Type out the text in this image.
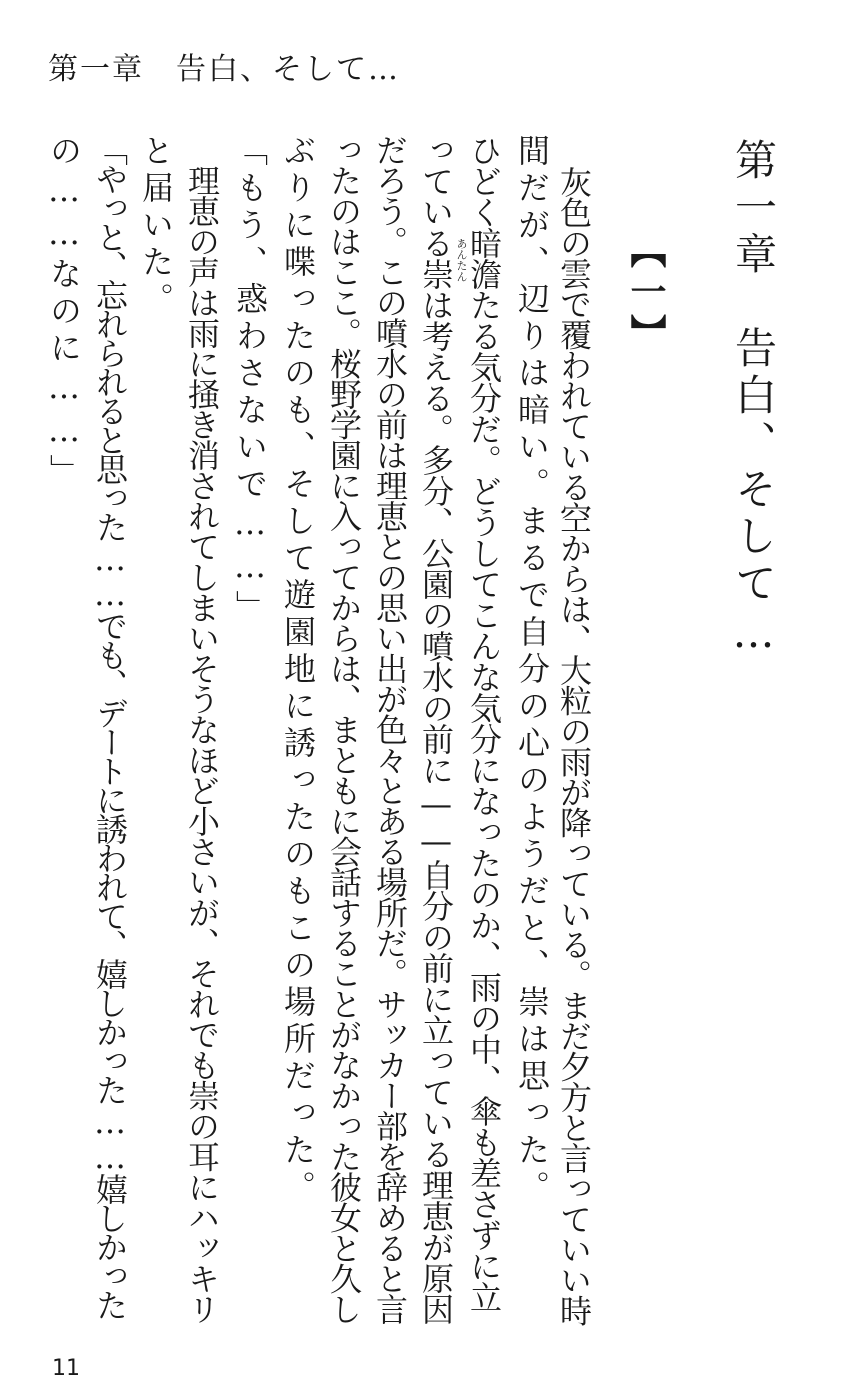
第一章　告白、そして…
第一章　告白、そして…
【一】
灰色の雲で覆われている空からは、大粒の雨が降っている。まだ夕方と言っていい時
間だが、辺りは暗い。まるで自分の心のようだと、崇は思った。
あんたん
ひどく暗澹たる気分だ。どうしてこんな気分になったのか、雨の中、傘も差さずに立
っている崇は考える。多分、公園の噴水の前に——自分の前に立っている理恵が原因
だろう。この噴水の前は理恵との思い出が色々とある場所だ。サッカー部を辞めると言
ったのはここ。桜野学園に入ってからは、まともに会話することがなかった彼女と久し
ぶりに喋ったのも、そして遊園地に誘ったのもこの場所だった。
「もう、惑わさないで……」
　理恵の声は雨に掻き消されてしまいそうなほど小さいが、それでも崇の耳にハッキリ
と届いた。
「やっと、忘れられると思った……でも、デートに誘われて、嬉しかった……嬉しかった
の……なのに……」
11
